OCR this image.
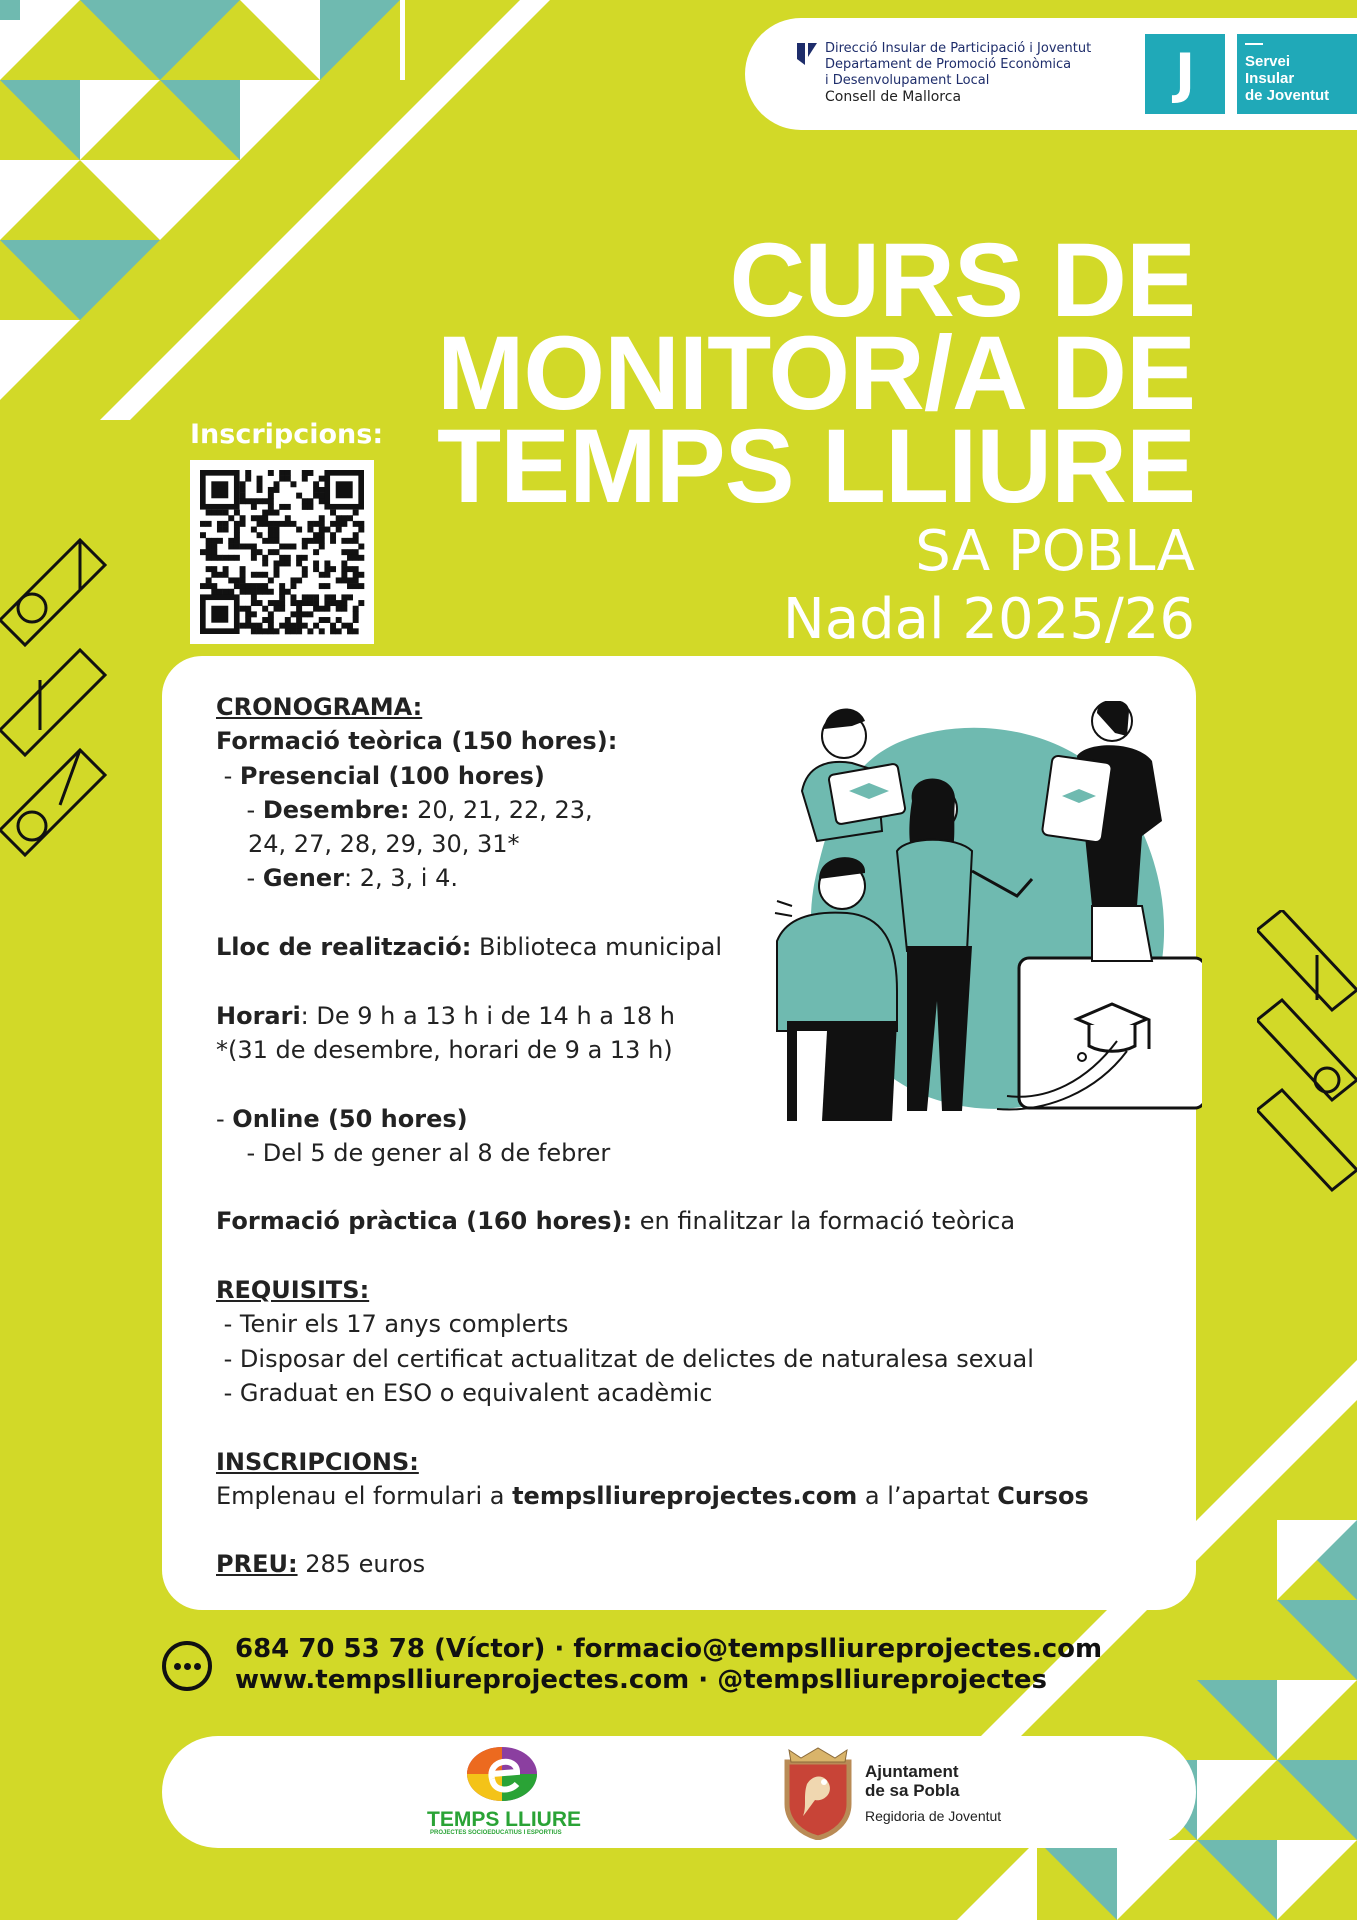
Direcció Insular de Participació i Joventut
Departament de Promoció Econòmica
i Desenvolupament Local
Consell de Mallorca	J	Servei
Insular
de Joventut
CURS DE
MONITOR/A DE
TEMPS LLIURE
SA POBLA
Nadal 2025/26
Inscripcions:

CRONOGRAMA:

Formació teòrica (150 hores):

- Presencial (100 hores)

- Desembre: 20, 21, 22, 23,

24, 27, 28, 29, 30, 31*

- Gener: 2, 3, i 4.

Lloc de realització: Biblioteca municipal

Horari: De 9 h a 13 h i de 14 h a 18 h

*(31 de desembre, horari de 9 a 13 h)

- Online (50 hores)

- Del 5 de gener al 8 de febrer

Formació pràctica (160 hores): en finalitzar la formació teòrica

REQUISITS:

- Tenir els 17 anys complerts

- Disposar del certificat actualitzat de delictes de naturalesa sexual

- Graduat en ESO o equivalent acadèmic

INSCRIPCIONS:

Emplenau el formulari a tempslliureprojectes.com a l’apartat Cursos

PREU: 285 euros

684 70 53 78 (Víctor) · formacio@tempslliureprojectes.com
www.tempslliureprojectes.com · @tempslliureprojectes
TEMPS LLIURE
PROJECTES SOCIOEDUCATIUS I ESPORTIUS
Ajuntament
de sa Pobla
Regidoria de Joventut
